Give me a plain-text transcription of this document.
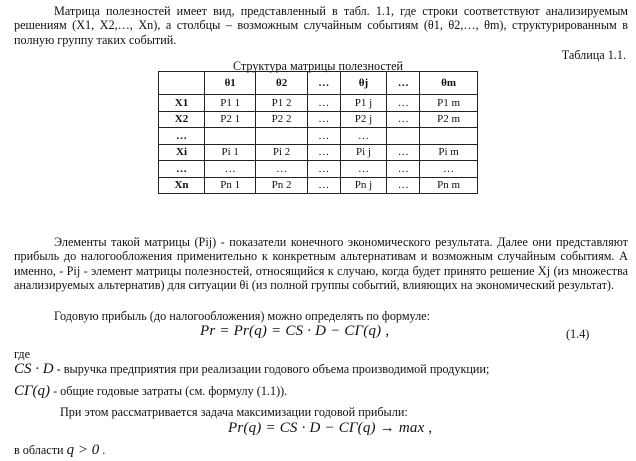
Матрица полезностей имеет вид, представленный в табл. 1.1, где строки соответствуют анализируемым решениям (X1, X2,…, Xn), а столбцы – возможным случайным событиям (θ1, θ2,…, θm), структурированным в полную группу таких событий.

Таблица 1.1.
Структура матрицы полезностей
	θ1	θ2	…	θj	…	θm
X1	P1 1	P1 2	…	P1 j	…	P1 m
X2	P2 1	P2 2	…	P2 j	…	P2 m
…			…	…		
Xi	Pi 1	Pi 2	…	Pi j	…	Pi m
…	…	…	…	…	…	…
Xn	Pn 1	Pn 2	…	Pn j	…	Pn m

Элементы такой матрицы (Pij) - показатели конечного экономического результата. Далее они представляют прибыль до налогообложения применительно к конкретным альтернативам и возможным случайным событиям. А именно, - Pij - элемент матрицы полезностей, относящийся к случаю, когда будет принято решение Xj (из множества анализируемых альтернатив) для ситуации θi (из полной группы событий, влияющих на экономический результат).

Годовую прибыль (до налогообложения) можно определять по формуле:

Pr = Pr(q) = CS · D − CΓ(q) ,	(1.4)
где
CS · D - выручка предприятия при реализации годового объема производимой продукции;
CΓ(q) - общие годовые затраты (см. формулу (1.1)).

При этом рассматривается задача максимизации годовой прибыли:

Pr(q) = CS · D − CΓ(q) → max ,
в области q > 0 .
